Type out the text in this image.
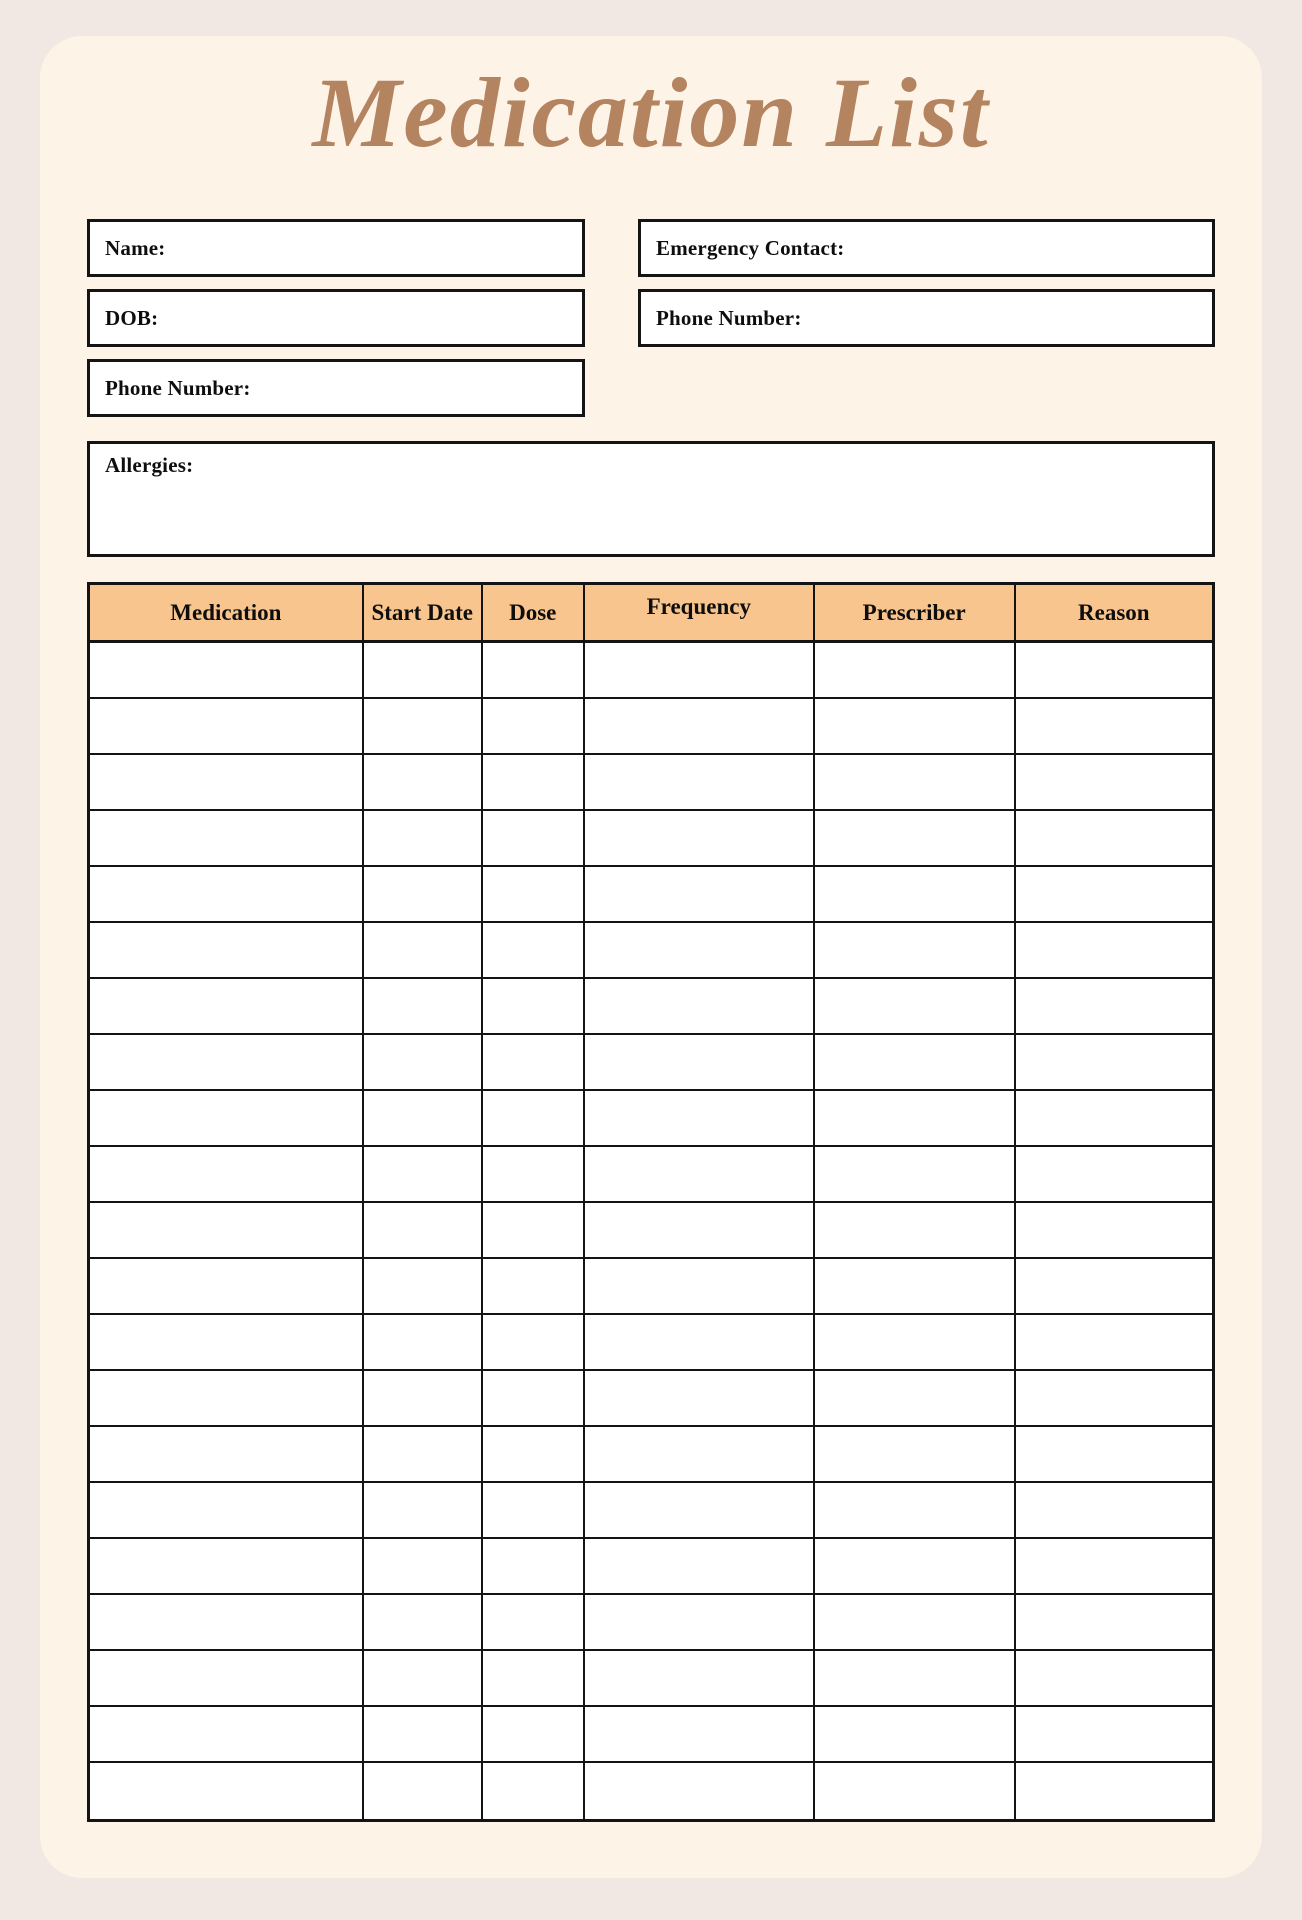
Medication List
Name:
DOB:
Phone Number:
Emergency Contact:
Phone Number:
Allergies:
Medication	Start Date	Dose	Frequency	Prescriber	Reason
